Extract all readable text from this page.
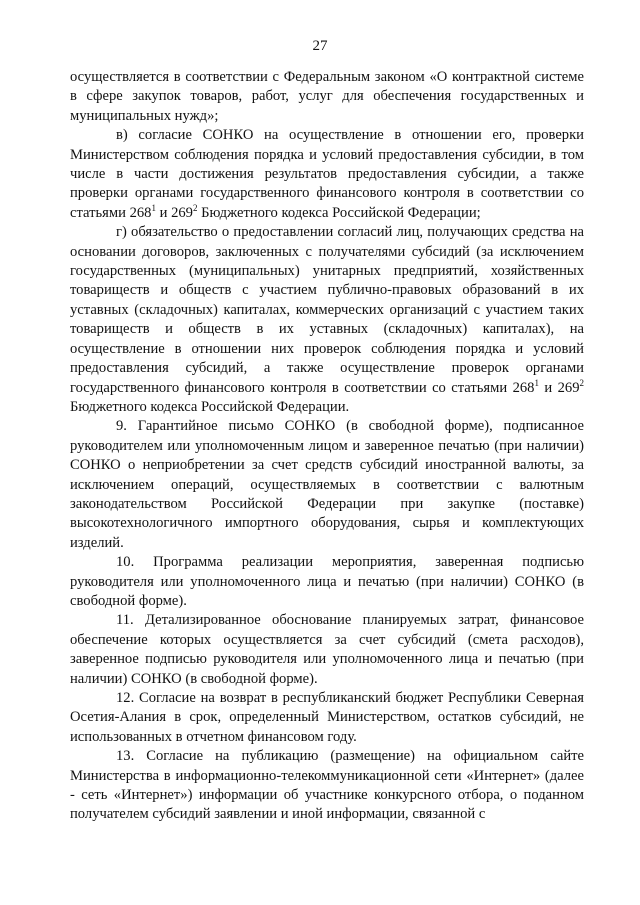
27

осуществляется в соответствии с Федеральным законом «О контрактной системе в сфере закупок товаров, работ, услуг для обеспечения государственных и муниципальных нужд»;

в) согласие СОНКО на осуществление в отношении его, проверки Министерством соблюдения порядка и условий предоставления субсидии, в том числе в части достижения результатов предоставления субсидии, а также проверки органами государственного финансового контроля в соответствии со статьями $268^1$ и $269^2$ Бюджетного кодекса Российской Федерации;

г) обязательство о предоставлении согласий лиц, получающих средства на основании договоров, заключенных с получателями субсидий (за исключением государственных (муниципальных) унитарных предприятий, хозяйственных товариществ и обществ с участием публично-правовых образований в их уставных (складочных) капиталах, коммерческих организаций с участием таких товариществ и обществ в их уставных (складочных) капиталах), на осуществление в отношении них проверок соблюдения порядка и условий предоставления субсидий, а также осуществление проверок органами государственного финансового контроля в соответствии со статьями $268^1$ и $269^2$ Бюджетного кодекса Российской Федерации.

9. Гарантийное письмо СОНКО (в свободной форме), подписанное руководителем или уполномоченным лицом и заверенное печатью (при наличии) СОНКО о неприобретении за счет средств субсидий иностранной валюты, за исключением операций, осуществляемых в соответствии с валютным законодательством Российской Федерации при закупке (поставке) высокотехнологичного импортного оборудования, сырья и комплектующих изделий.

10. Программа реализации мероприятия, заверенная подписью руководителя или уполномоченного лица и печатью (при наличии) СОНКО (в свободной форме).

11. Детализированное обоснование планируемых затрат, финансовое обеспечение которых осуществляется за счет субсидий (смета расходов), заверенное подписью руководителя или уполномоченного лица и печатью (при наличии) СОНКО (в свободной форме).

12. Согласие на возврат в республиканский бюджет Республики Северная Осетия-Алания в срок, определенный Министерством, остатков субсидий, не использованных в отчетном финансовом году.

13. Согласие на публикацию (размещение) на официальном сайте Министерства в информационно-телекоммуникационной сети «Интернет» (далее - сеть «Интернет») информации об участнике конкурсного отбора, о поданном получателем субсидий заявлении и иной информации, связанной с
